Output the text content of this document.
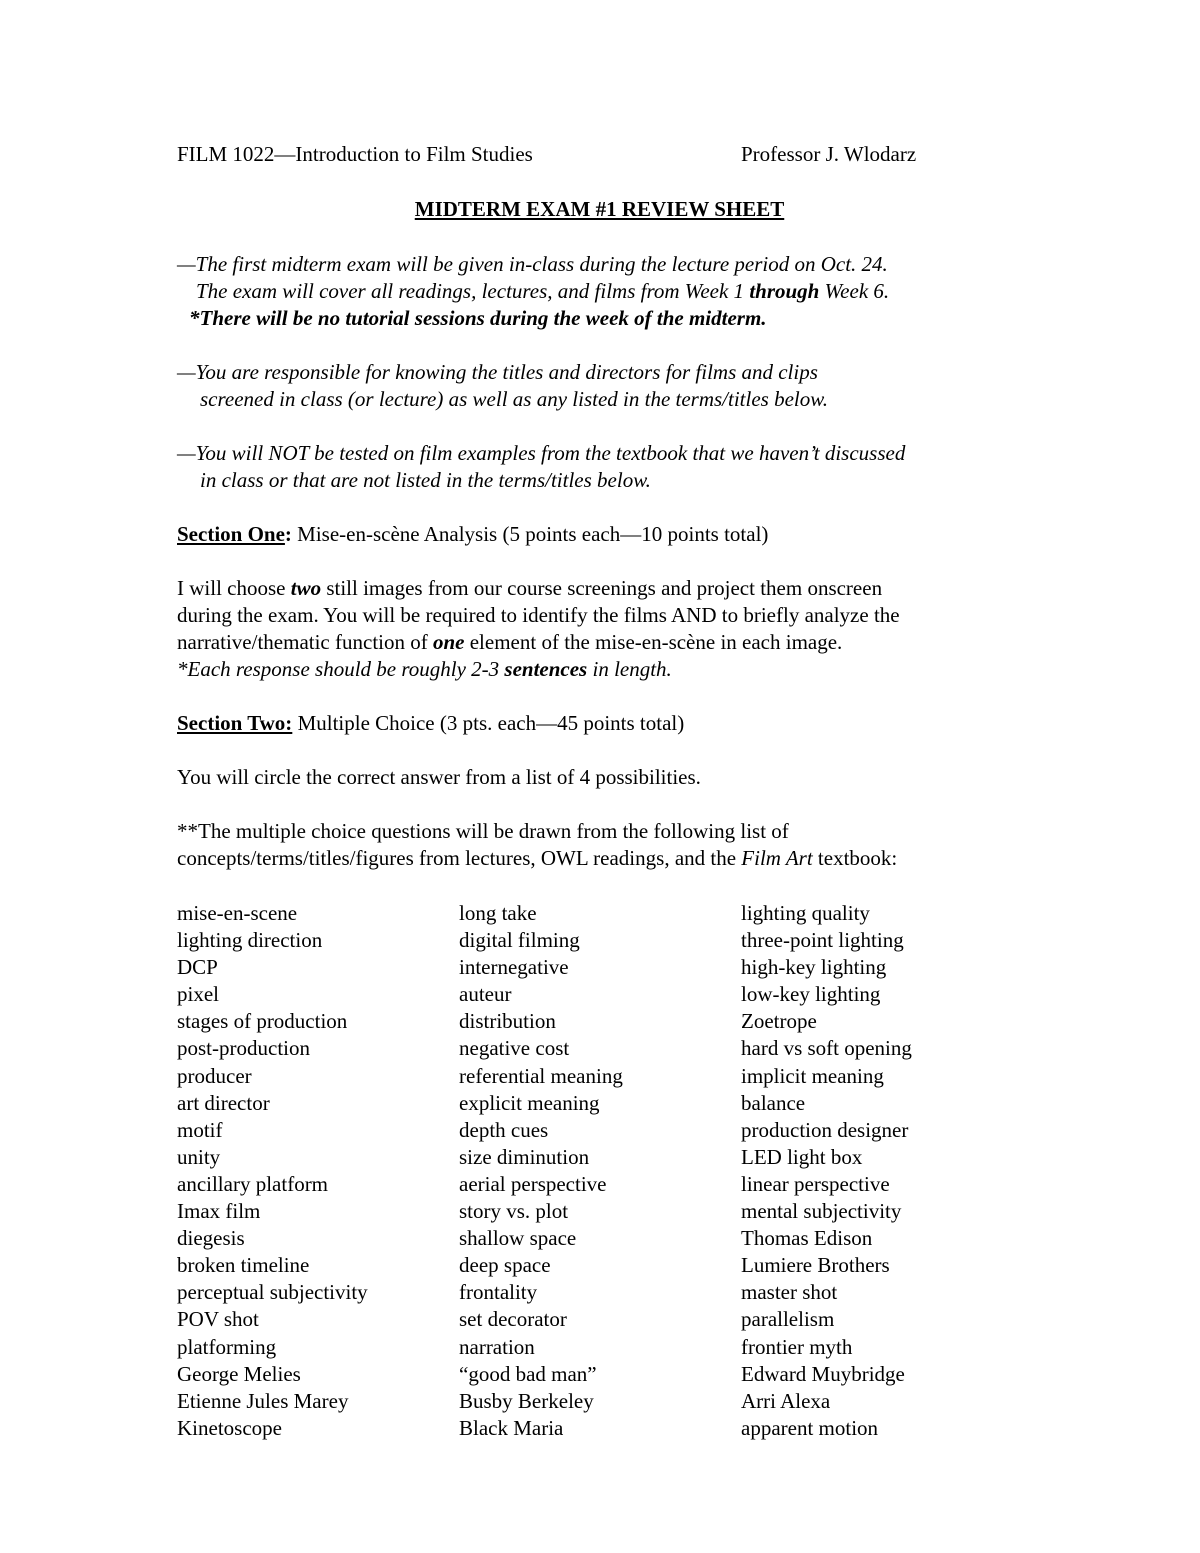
FILM 1022—Introduction to Film Studies	Professor J. Wlodarz
MIDTERM EXAM #1 REVIEW SHEET
—The first midterm exam will be given in-class during the lecture period on Oct. 24.
The exam will cover all readings, lectures, and films from Week 1 through Week 6.
*There will be no tutorial sessions during the week of the midterm.
—You are responsible for knowing the titles and directors for films and clips
screened in class (or lecture) as well as any listed in the terms/titles below.
—You will NOT be tested on film examples from the textbook that we haven’t discussed
in class or that are not listed in the terms/titles below.
Section One: Mise-en-scène Analysis (5 points each—10 points total)
I will choose two still images from our course screenings and project them onscreen
during the exam. You will be required to identify the films AND to briefly analyze the
narrative/thematic function of one element of the mise-en-scène in each image.
*Each response should be roughly 2-3 sentences in length.
Section Two: Multiple Choice (3 pts. each—45 points total)
You will circle the correct answer from a list of 4 possibilities.
**The multiple choice questions will be drawn from the following list of
concepts/terms/titles/figures from lectures, OWL readings, and the Film Art textbook:
mise-en-scene
lighting direction
DCP
pixel
stages of production
post-production
producer
art director
motif
unity
ancillary platform
Imax film
diegesis
broken timeline
perceptual subjectivity
POV shot
platforming
George Melies
Etienne Jules Marey
Kinetoscope
long take
digital filming
internegative
auteur
distribution
negative cost
referential meaning
explicit meaning
depth cues
size diminution
aerial perspective
story vs. plot
shallow space
deep space
frontality
set decorator
narration
“good bad man”
Busby Berkeley
Black Maria
lighting quality
three-point lighting
high-key lighting
low-key lighting
Zoetrope
hard vs soft opening
implicit meaning
balance
production designer
LED light box
linear perspective
mental subjectivity
Thomas Edison
Lumiere Brothers
master shot
parallelism
frontier myth
Edward Muybridge
Arri Alexa
apparent motion
